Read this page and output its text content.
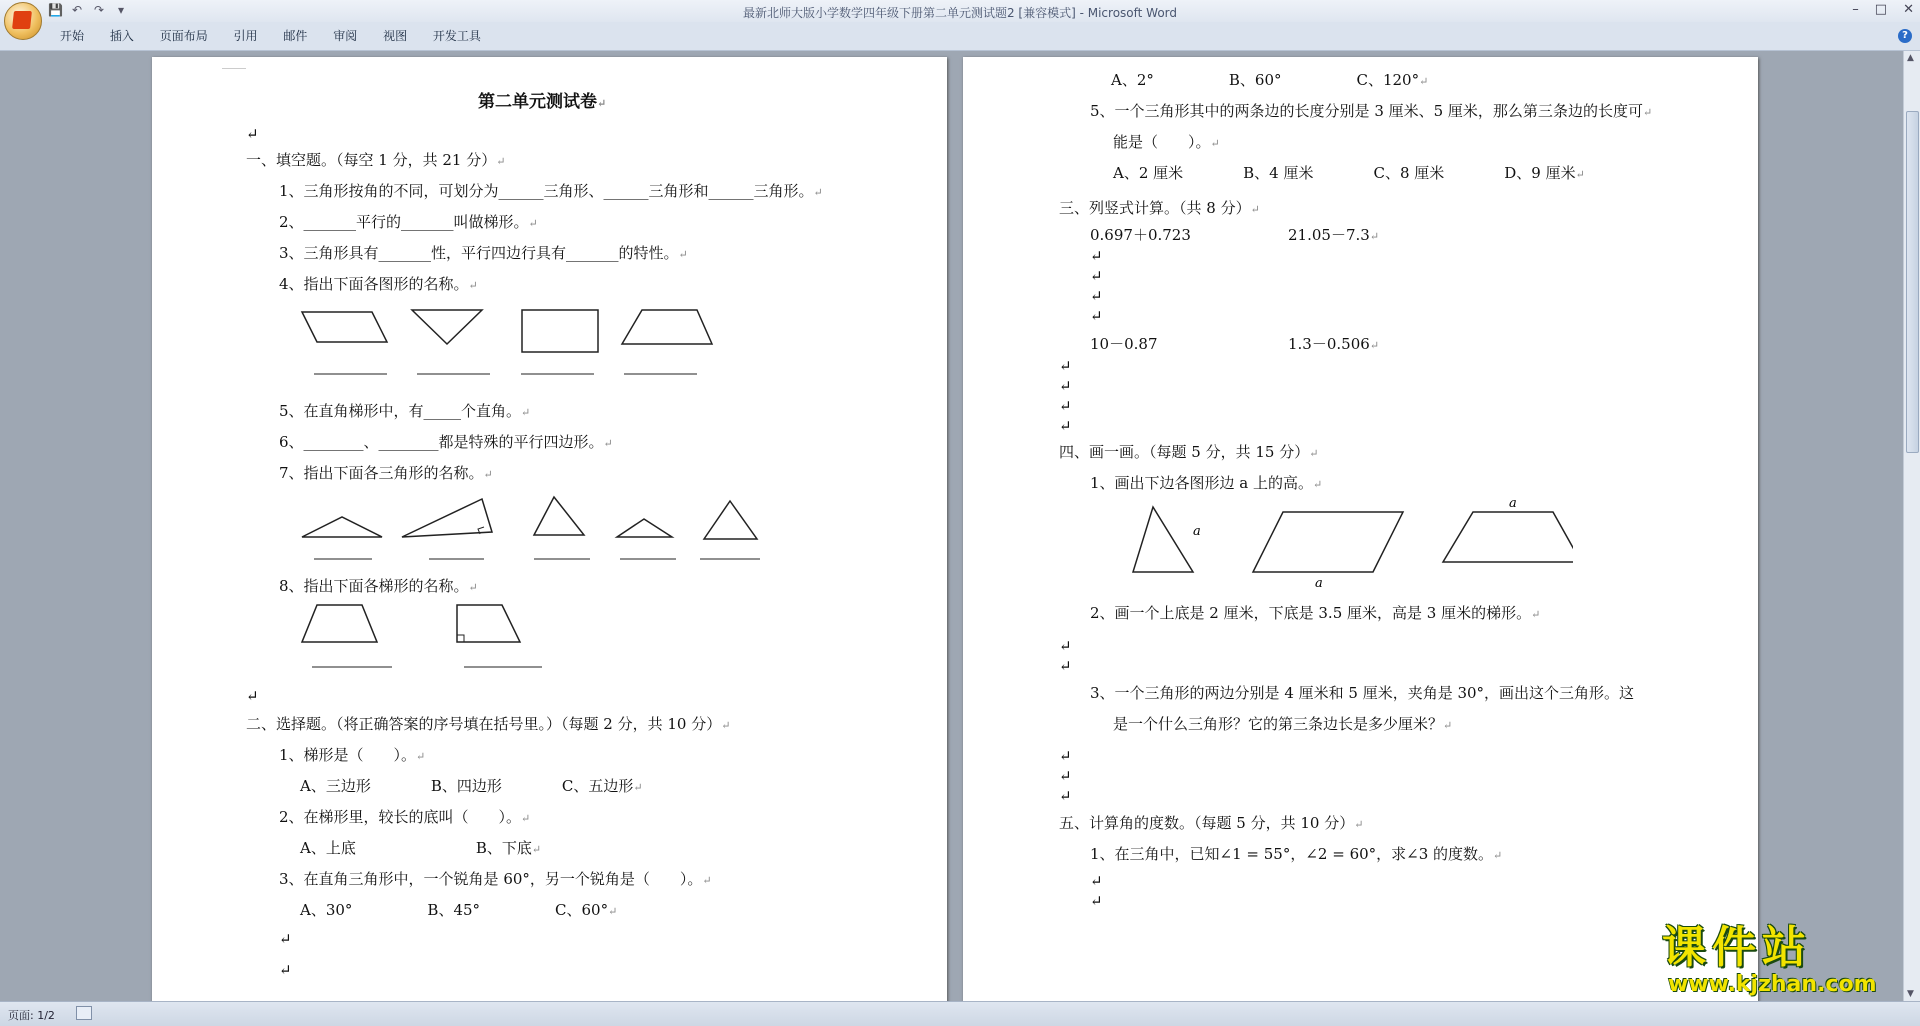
最新北师大版小学数学四年级下册第二单元测试题2 [兼容模式] - Microsoft Word
💾 ↶ ↷	▾	– □ ✕
开始 插入 页面布局 引用 邮件 审阅 视图 开发工具	?
第二单元测试卷↵
↵
一、填空题。（每空 1 分，共 21 分）↵
1、三角形按角的不同，可划分为______三角形、______三角形和______三角形。↵
2、_______平行的_______叫做梯形。↵
3、三角形具有_______性，平行四边行具有_______的特性。↵
4、指出下面各图形的名称。↵
5、在直角梯形中，有_____个直角。↵
6、________、________都是特殊的平行四边形。↵
7、指出下面各三角形的名称。↵
8、指出下面各梯形的名称。↵
↵
二、选择题。（将正确答案的序号填在括号里。）（每题 2 分，共 10 分）↵
1、梯形是（　　）。↵
A、三边形　　　　B、四边形　　　　C、五边形↵
2、在梯形里，较长的底叫（　　）。↵
A、上底　　　　　　　　B、下底↵
3、在直角三角形中，一个锐角是 60°，另一个锐角是（　　）。↵
A、30°　　　　　B、45°　　　　　C、60°↵
↵
↵
A、2°　　　　　B、60°　　　　　C、120°↵
5、一个三角形其中的两条边的长度分别是 3 厘米、5 厘米，那么第三条边的长度可↵
能是（　　）。↵
A、2 厘米　　　　B、4 厘米　　　　C、8 厘米　　　　D、9 厘米↵
三、列竖式计算。（共 8 分）↵
0.697＋0.723	21.05－7.3↵
↵
↵
↵
↵
10－0.87	1.3－0.506↵
↵
↵
↵
↵
四、画一画。（每题 5 分，共 15 分）↵
1、画出下边各图形边 a 上的高。↵
a
a
a
2、画一个上底是 2 厘米，下底是 3.5 厘米，高是 3 厘米的梯形。↵
↵
↵
3、一个三角形的两边分别是 4 厘米和 5 厘米，夹角是 30°，画出这个三角形。这
是一个什么三角形？它的第三条边长是多少厘米？↵
↵
↵
↵
五、计算角的度数。（每题 5 分，共 10 分）↵
1、在三角中，已知∠1 = 55°，∠2 = 60°，求∠3 的度数。↵
↵
↵
▲
▼
页面: 1/2
课件站
www.kjzhan.com
